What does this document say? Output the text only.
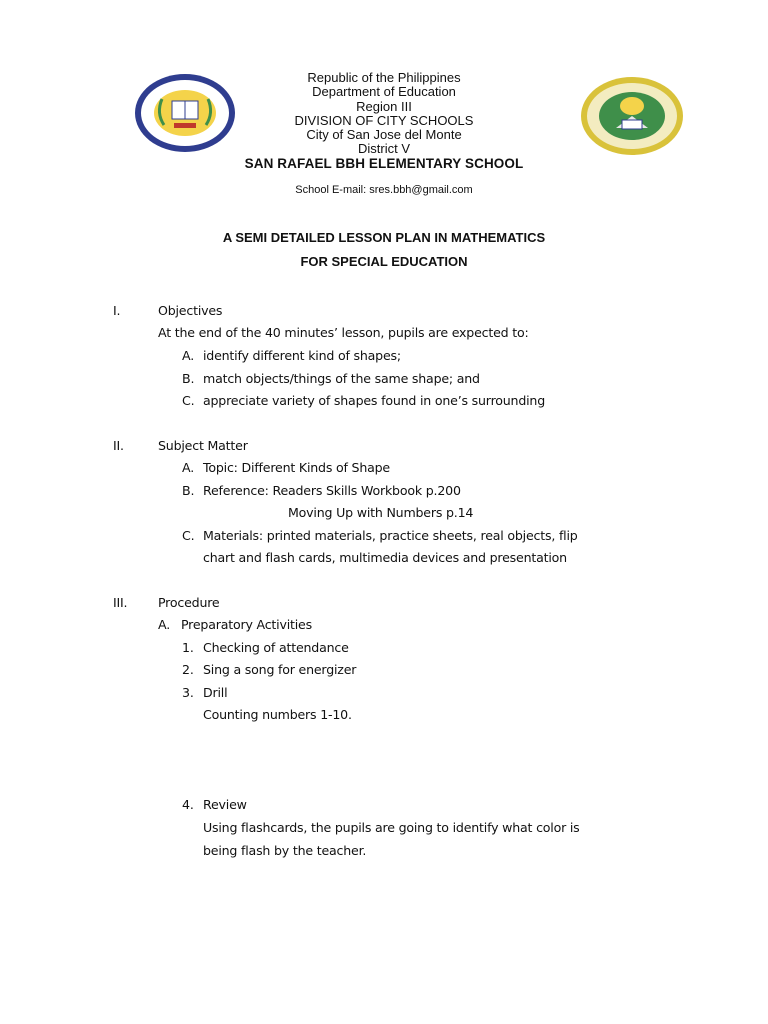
Republic of the Philippines
Department of Education
Region III
DIVISION OF CITY SCHOOLS
City of San Jose del Monte
District V
SAN RAFAEL BBH ELEMENTARY SCHOOL
School E-mail: sres.bbh@gmail.com
A SEMI DETAILED LESSON PLAN IN MATHEMATICS
FOR SPECIAL EDUCATION
I.	Objectives
At the end of the 40 minutes’ lesson, pupils are expected to:
A. identify different kind of shapes;
B. match objects/things of the same shape; and
C. appreciate variety of shapes found in one’s surrounding
II.	Subject Matter
A. Topic: Different Kinds of Shape
B. Reference: Readers Skills Workbook p.200
Moving Up with Numbers p.14
C. Materials: printed materials, practice sheets, real objects, flip
chart and flash cards, multimedia devices and presentation
III. Procedure
A. Preparatory Activities
1. Checking of attendance
2. Sing a song for energizer
3. Drill
Counting numbers 1-10.
4. Review
Using flashcards, the pupils are going to identify what color is
being flash by the teacher.
